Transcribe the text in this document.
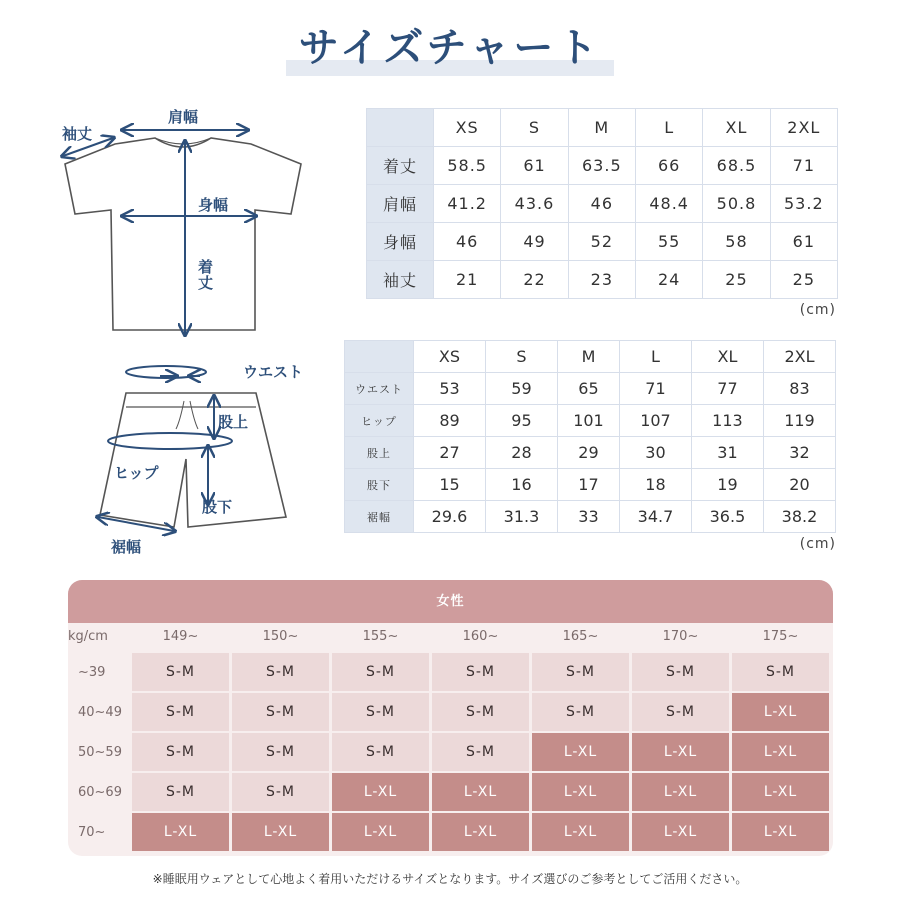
サイズチャート
肩幅
袖丈
身幅
着丈
ウエスト
股上
ヒップ
股下
裾幅
	XS	S	M	L	XL	2XL
着丈	58.5	61	63.5	66	68.5	71
肩幅	41.2	43.6	46	48.4	50.8	53.2
身幅	46	49	52	55	58	61
袖丈	21	22	23	24	25	25
(cm)
	XS	S	M	L	XL	2XL
ウエスト	53	59	65	71	77	83
ヒップ	89	95	101	107	113	119
股上	27	28	29	30	31	32
股下	15	16	17	18	19	20
裾幅	29.6	31.3	33	34.7	36.5	38.2
(cm)
女性
kg/cm	149~	150~	155~	160~	165~	170~	175~
~39	S-M	S-M	S-M	S-M	S-M	S-M	S-M
40~49	S-M	S-M	S-M	S-M	S-M	S-M	L-XL
50~59	S-M	S-M	S-M	S-M	L-XL	L-XL	L-XL
60~69	S-M	S-M	L-XL	L-XL	L-XL	L-XL	L-XL
70~	L-XL	L-XL	L-XL	L-XL	L-XL	L-XL	L-XL
※睡眠用ウェアとして心地よく着用いただけるサイズとなります。サイズ選びのご参考としてご活用ください。
